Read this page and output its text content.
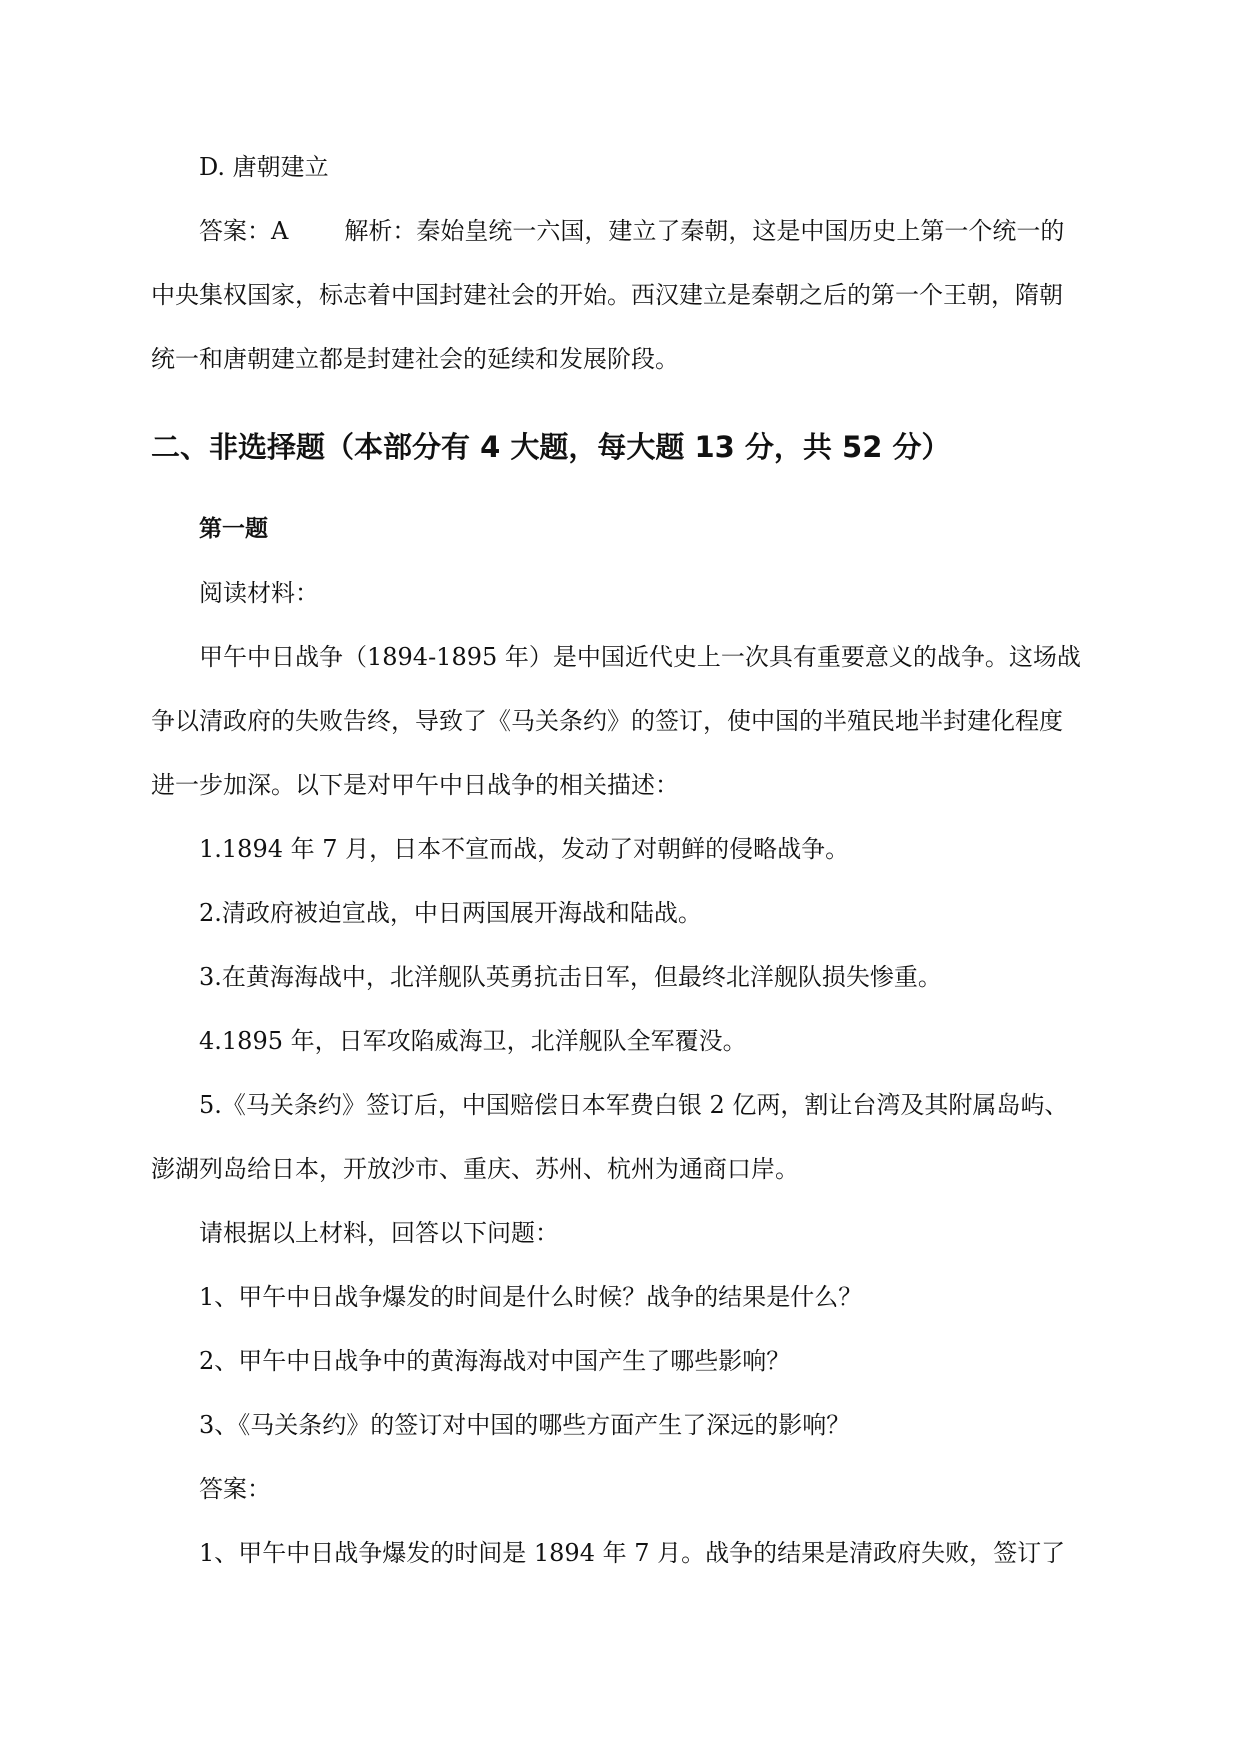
D. 唐朝建立
答案：A 解析：秦始皇统一六国，建立了秦朝，这是中国历史上第一个统一的
中央集权国家，标志着中国封建社会的开始。西汉建立是秦朝之后的第一个王朝，隋朝
统一和唐朝建立都是封建社会的延续和发展阶段。
二、非选择题（本部分有 4 大题，每大题 13 分，共 52 分）
第一题
阅读材料：
甲午中日战争（1894-1895 年）是中国近代史上一次具有重要意义的战争。这场战
争以清政府的失败告终，导致了《马关条约》的签订，使中国的半殖民地半封建化程度
进一步加深。以下是对甲午中日战争的相关描述：
1.1894 年 7 月，日本不宣而战，发动了对朝鲜的侵略战争。
2.清政府被迫宣战，中日两国展开海战和陆战。
3.在黄海海战中，北洋舰队英勇抗击日军，但最终北洋舰队损失惨重。
4.1895 年，日军攻陷威海卫，北洋舰队全军覆没。
5.《马关条约》签订后，中国赔偿日本军费白银 2 亿两，割让台湾及其附属岛屿、
澎湖列岛给日本，开放沙市、重庆、苏州、杭州为通商口岸。
请根据以上材料，回答以下问题：
1、甲午中日战争爆发的时间是什么时候？战争的结果是什么？
2、甲午中日战争中的黄海海战对中国产生了哪些影响？
3、《马关条约》的签订对中国的哪些方面产生了深远的影响？
答案：
1、甲午中日战争爆发的时间是 1894 年 7 月。战争的结果是清政府失败，签订了
